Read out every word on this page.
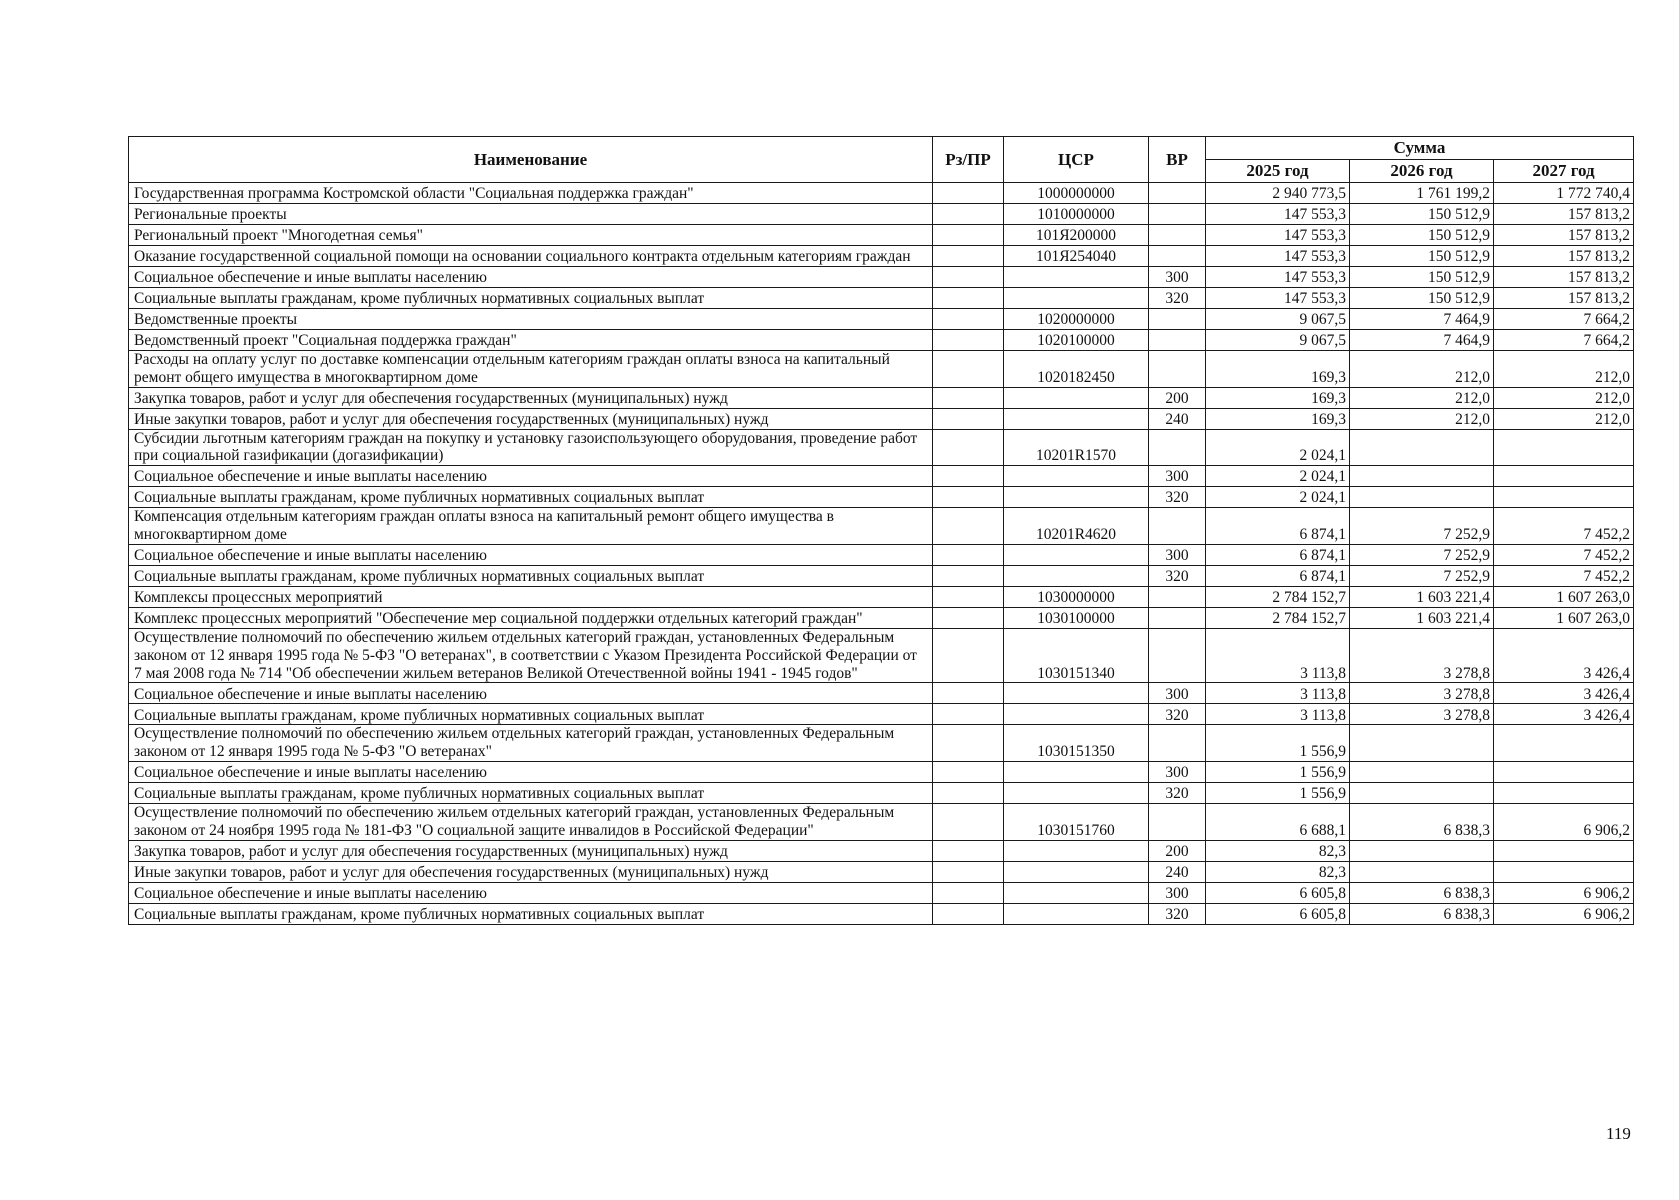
Наименование	Рз/ПР	ЦСР	ВР	Сумма		
				2025 год	2026 год	2027 год
Государственная программа Костромской области "Социальная поддержка граждан"		1000000000		2 940 773,5	1 761 199,2	1 772 740,4
Региональные проекты		1010000000		147 553,3	150 512,9	157 813,2
Региональный проект "Многодетная семья"		101Я200000		147 553,3	150 512,9	157 813,2
Оказание государственной социальной помощи на основании социального контракта отдельным категориям граждан		101Я254040		147 553,3	150 512,9	157 813,2
Социальное обеспечение и иные выплаты населению			300	147 553,3	150 512,9	157 813,2
Социальные выплаты гражданам, кроме публичных нормативных социальных выплат			320	147 553,3	150 512,9	157 813,2
Ведомственные проекты		1020000000		9 067,5	7 464,9	7 664,2
Ведомственный проект "Социальная поддержка граждан"		1020100000		9 067,5	7 464,9	7 664,2
Расходы на оплату услуг по доставке компенсации отдельным категориям граждан оплаты взноса на капитальный ремонт общего имущества в многоквартирном доме		1020182450		169,3	212,0	212,0
Закупка товаров, работ и услуг для обеспечения государственных (муниципальных) нужд			200	169,3	212,0	212,0
Иные закупки товаров, работ и услуг для обеспечения государственных (муниципальных) нужд			240	169,3	212,0	212,0
Субсидии льготным категориям граждан на покупку и установку газоиспользующего оборудования, проведение работ при социальной газификации (догазификации)		10201R1570		2 024,1		
Социальное обеспечение и иные выплаты населению			300	2 024,1		
Социальные выплаты гражданам, кроме публичных нормативных социальных выплат			320	2 024,1		
Компенсация отдельным категориям граждан оплаты взноса на капитальный ремонт общего имущества в многоквартирном доме		10201R4620		6 874,1	7 252,9	7 452,2
Социальное обеспечение и иные выплаты населению			300	6 874,1	7 252,9	7 452,2
Социальные выплаты гражданам, кроме публичных нормативных социальных выплат			320	6 874,1	7 252,9	7 452,2
Комплексы процессных мероприятий		1030000000		2 784 152,7	1 603 221,4	1 607 263,0
Комплекс процессных мероприятий "Обеспечение мер социальной поддержки отдельных категорий граждан"		1030100000		2 784 152,7	1 603 221,4	1 607 263,0
Осуществление полномочий по обеспечению жильем отдельных категорий граждан, установленных Федеральным законом от 12 января 1995 года № 5-ФЗ "О ветеранах", в соответствии с Указом Президента Российской Федерации от 7 мая 2008 года № 714 "Об обеспечении жильем ветеранов Великой Отечественной войны 1941 - 1945 годов"		1030151340		3 113,8	3 278,8	3 426,4
Социальное обеспечение и иные выплаты населению			300	3 113,8	3 278,8	3 426,4
Социальные выплаты гражданам, кроме публичных нормативных социальных выплат			320	3 113,8	3 278,8	3 426,4
Осуществление полномочий по обеспечению жильем отдельных категорий граждан, установленных Федеральным законом от 12 января 1995 года № 5-ФЗ "О ветеранах"		1030151350		1 556,9		
Социальное обеспечение и иные выплаты населению			300	1 556,9		
Социальные выплаты гражданам, кроме публичных нормативных социальных выплат			320	1 556,9		
Осуществление полномочий по обеспечению жильем отдельных категорий граждан, установленных Федеральным законом от 24 ноября 1995 года № 181-ФЗ "О социальной защите инвалидов в Российской Федерации"		1030151760		6 688,1	6 838,3	6 906,2
Закупка товаров, работ и услуг для обеспечения государственных (муниципальных) нужд			200	82,3		
Иные закупки товаров, работ и услуг для обеспечения государственных (муниципальных) нужд			240	82,3		
Социальное обеспечение и иные выплаты населению			300	6 605,8	6 838,3	6 906,2
Социальные выплаты гражданам, кроме публичных нормативных социальных выплат			320	6 605,8	6 838,3	6 906,2
119
